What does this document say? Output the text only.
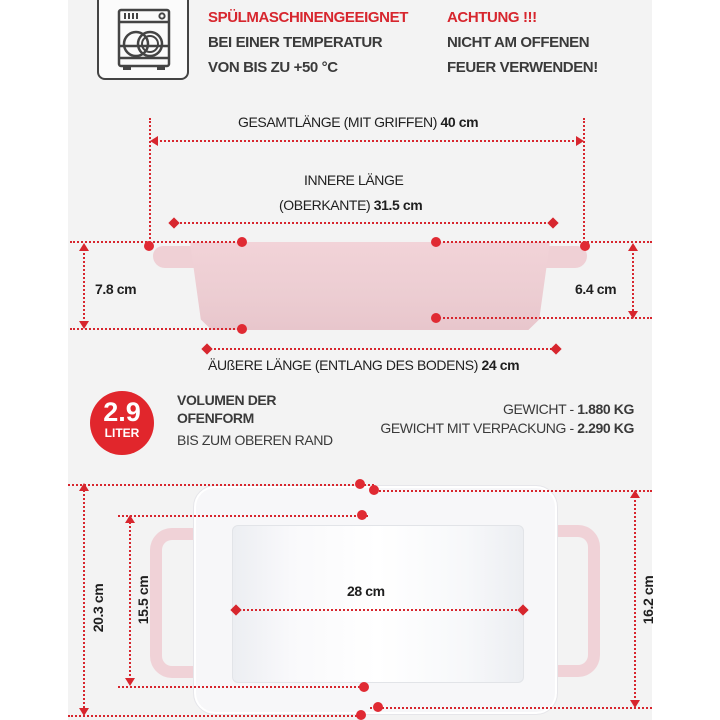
SPÜLMASCHINENGEEIGNET
BEI EINER TEMPERATUR
VON BIS ZU +50 °C
ACHTUNG !!!
NICHT AM OFFENEN
FEUER VERWENDEN!
GESAMTLÄNGE (MIT GRIFFEN) 40 cm
INNERE LÄNGE
(OBERKANTE) 31.5 cm
7.8 cm	6.4 cm
ÄUßERE LÄNGE (ENTLANG DES BODENS) 24 cm
2.9
LITER
VOLUMEN DER
OFENFORM
BIS ZUM OBEREN RAND
GEWICHT - 1.880 KG
GEWICHT MIT VERPACKUNG - 2.290 KG
20.3 cm 15.5 cm	16.2 cm
28 cm
